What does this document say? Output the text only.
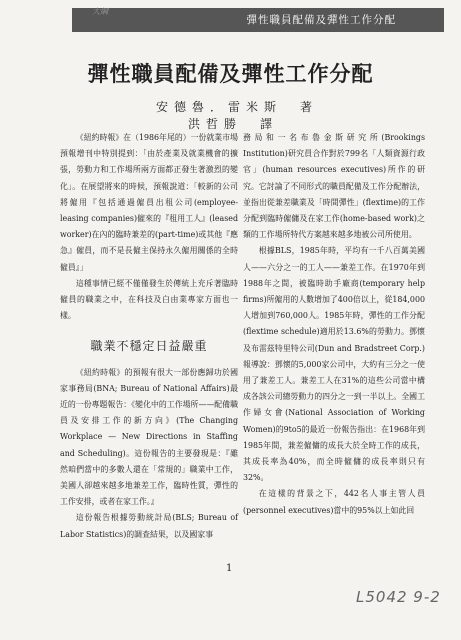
彈性職員配備及彈性工作分配
大綱
彈性職員配備及彈性工作分配
安德魯．雷米斯　著
洪哲勝　譯

《紐約時報》在（1986年尾的）一份就業市場預報增刊中特別提到：「由於產業及就業機會的擴張，勞動力和工作場所兩方面都正發生著激烈的變化」。在展望將來的時候，預報說道：「較新的公司將僱用『包括通過僱員出租公司(employee-leasing companies)僱來的『租用工人』(leased worker)在內的臨時兼差的(part-time)或其他『應急』僱員，而不是長僱主保持永久僱用關係的全時僱員』」

這種事情已經不僅僅發生於傳統上充斥著臨時僱員的職業之中，在科技及白由業專家方面也一樣。

職業不穩定日益嚴重

《紐約時報》的預報有很大一部份應歸功於國家事務局(BNA; Bureau of National Affairs)最近的一份專題報告：《變化中的工作場所——配備職員及安排工作的新方向》(The Changing Workplace — New Directions in Staffing and Scheduling)。這份報告的主要發現是：『雖然咱們當中的多數人還在「常規的」職業中工作，美國人卻越來越多地兼差工作，臨時性質，彈性的工作安排，或者在家工作。』

這份報告根據勞動統計局(BLS; Bureau of Labor Statistics)的調查結果，以及國家事

務局和一名布魯金斯研究所(Brookings Institution)研究員合作對於799名「人類資源行政官」(human resources executives)所作的研究。它討論了不同形式的職員配備及工作分配辦法，並指出從兼差職業及「時間彈性」(flextime)的工作分配到臨時僱傭及在家工作(home-based work)之類的工作場所特代方案越來越多地被公司所使用。

根據BLS，1985年時，平均有一千八百萬美國人——六分之一的工人——兼差工作。在1970年到1988年之間，被臨時助手廠商(temporary help firms)所僱用的人數增加了400倍以上，從184,000人增加到760,000人。1985年時，彈性的工作分配(flextime schedule)適用於13.6%的勞動力。鄧懷及布雷茲特里特公司(Dun and Bradstreet Corp.)報導說：鄧懷的5,000家公司中，大約有三分之一使用了兼差工人。兼差工人在31%的這些公司當中構成各該公司總勞動力的四分之一到一半以上。全國工作婦女會(National Association of Working Women)的9to5的最近一份報告指出：在1968年到1985年間，兼差僱傭的成長大於全時工作的成長，其成長率為40%，而全時僱傭的成長率則只有32%。

在這樣的背景之下，442名人事主管人員(personnel executives)當中的95%以上如此回

1
L5042 9-2
